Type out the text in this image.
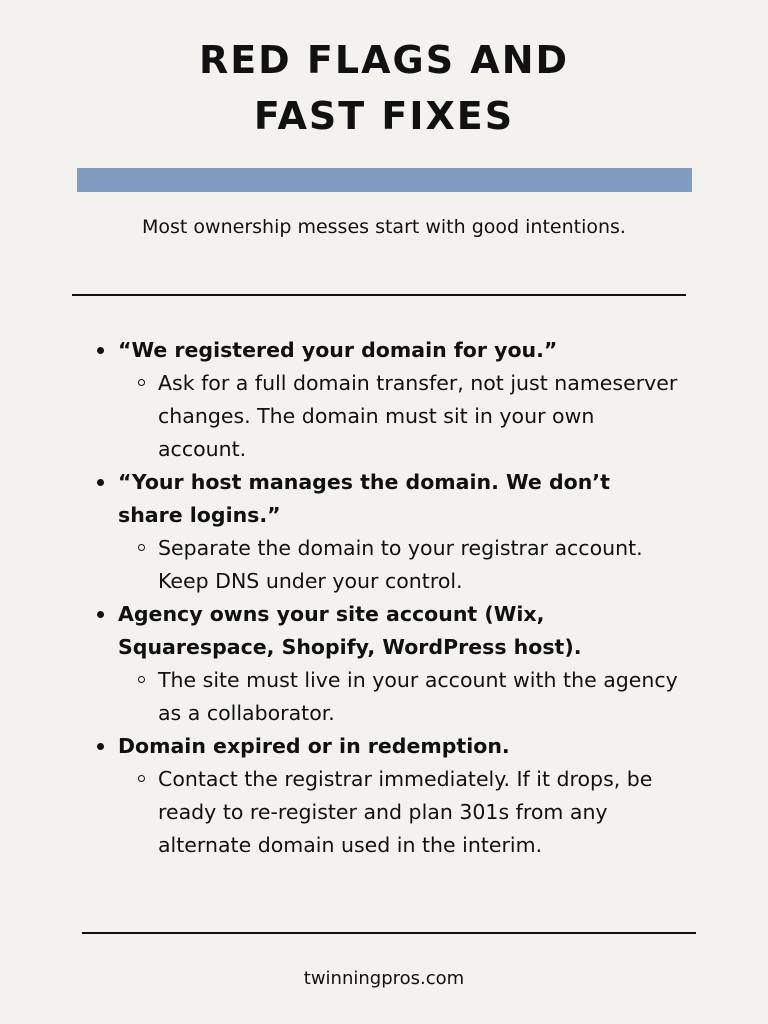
RED FLAGS AND
FAST FIXES

Most ownership messes start with good intentions.

“We registered your domain for you.”
Ask for a full domain transfer, not just nameserver changes. The domain must sit in your own account.
“Your host manages the domain. We don’t share logins.”
Separate the domain to your registrar account. Keep DNS under your control.
Agency owns your site account (Wix, Squarespace, Shopify, WordPress host).
The site must live in your account with the agency as a collaborator.
Domain expired or in redemption.
Contact the registrar immediately. If it drops, be ready to re-register and plan 301s from any alternate domain used in the interim.

twinningpros.com
